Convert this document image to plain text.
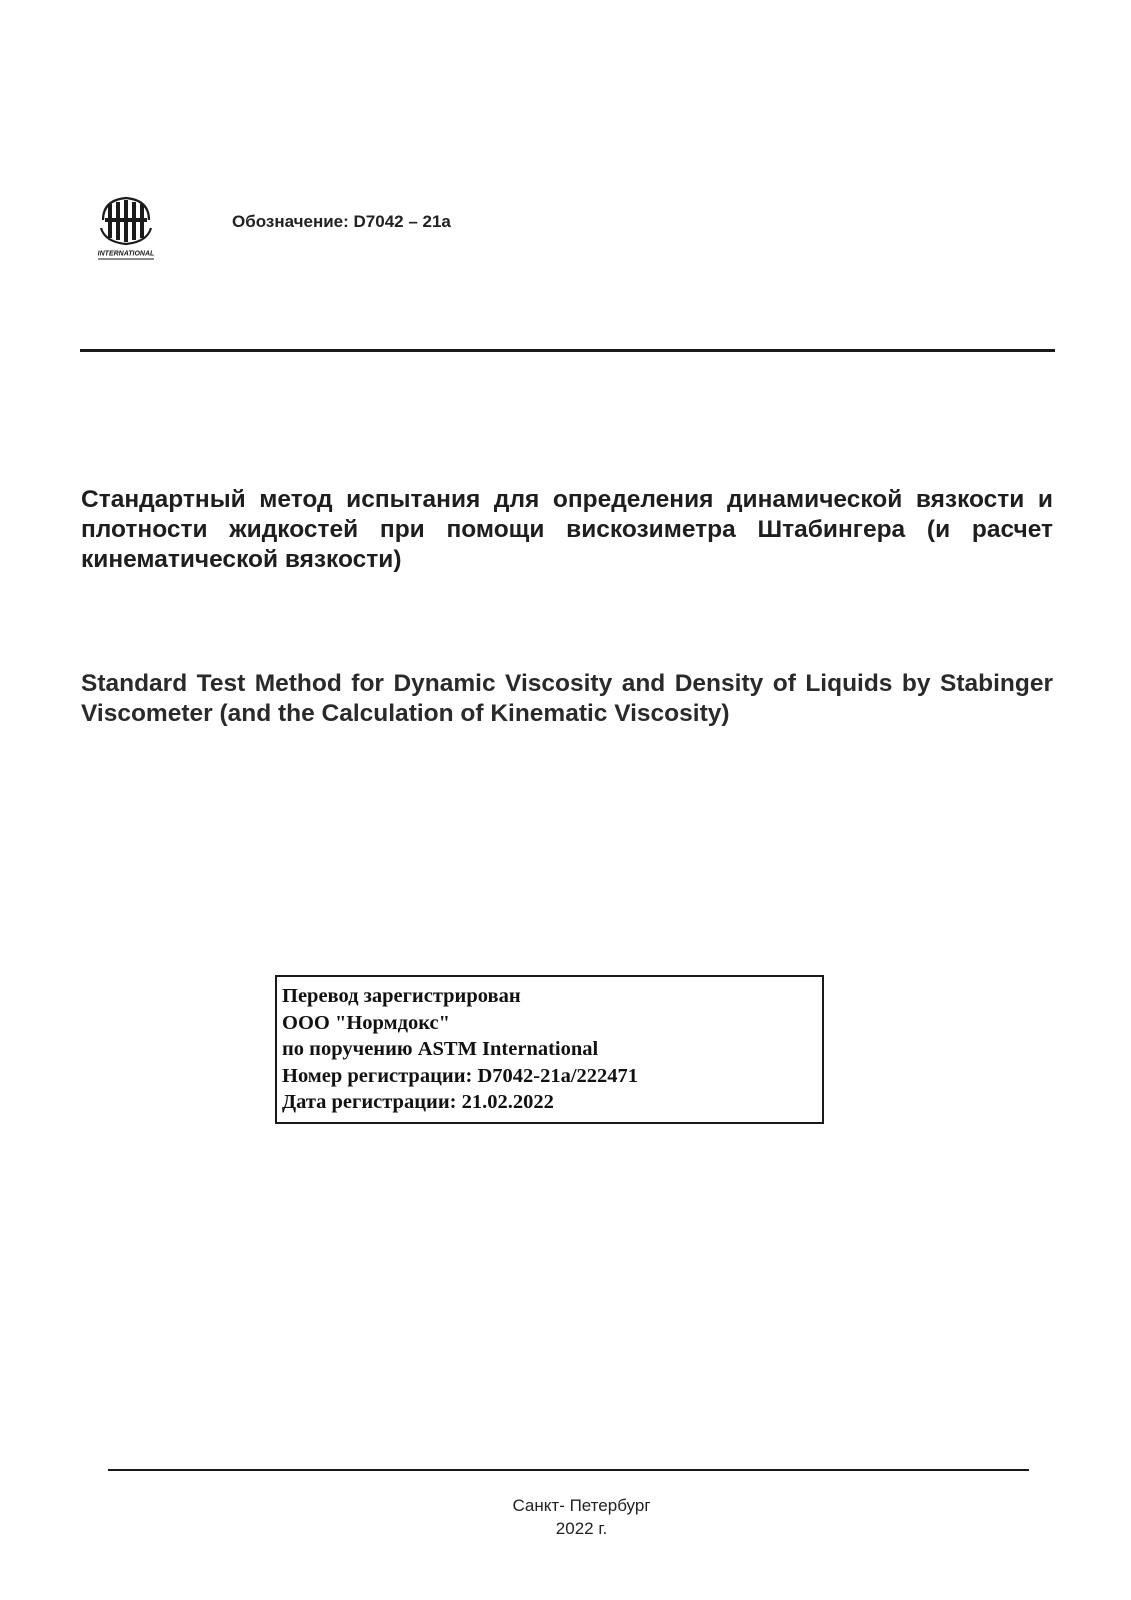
INTERNATIONAL
Обозначение: D7042 – 21a
Стандартный метод испытания для определения динамической вязкости и плотности жидкостей при помощи вискозиметра Штабингера (и расчет кинематической вязкости)
Standard Test Method for Dynamic Viscosity and Density of Liquids by Stabinger Viscometer (and the Calculation of Kinematic Viscosity)
Перевод зарегистрирован
ООО "Нормдокс"
по поручению ASTM International
Номер регистрации: D7042-21a/222471
Дата регистрации: 21.02.2022
Санкт- Петербург
2022 г.
